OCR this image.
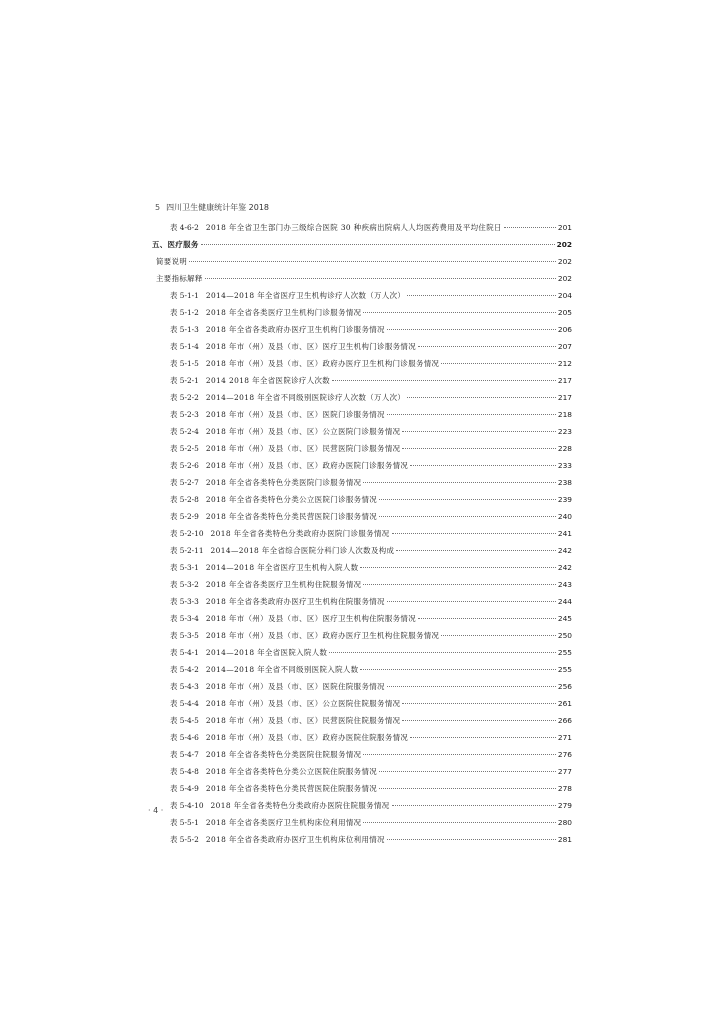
5 四川卫生健康统计年鉴 2018
表 4-6-2 2018 年全省卫生部门办三级综合医院 30 种疾病出院病人人均医药费用及平均住院日	201
五、医疗服务	202
简要说明	202
主要指标解释	202
表 5-1-1 2014—2018 年全省医疗卫生机构诊疗人次数（万人次）	204
表 5-1-2 2018 年全省各类医疗卫生机构门诊服务情况	205
表 5-1-3 2018 年全省各类政府办医疗卫生机构门诊服务情况	206
表 5-1-4 2018 年市（州）及县（市、区）医疗卫生机构门诊服务情况	207
表 5-1-5 2018 年市（州）及县（市、区）政府办医疗卫生机构门诊服务情况	212
表 5-2-1 2014 2018 年全省医院诊疗人次数	217
表 5-2-2 2014—2018 年全省不同级别医院诊疗人次数（万人次）	217
表 5-2-3 2018 年市（州）及县（市、区）医院门诊服务情况	218
表 5-2-4 2018 年市（州）及县（市、区）公立医院门诊服务情况	223
表 5-2-5 2018 年市（州）及县（市、区）民营医院门诊服务情况	228
表 5-2-6 2018 年市（州）及县（市、区）政府办医院门诊服务情况	233
表 5-2-7 2018 年全省各类特色分类医院门诊服务情况	238
表 5-2-8 2018 年全省各类特色分类公立医院门诊服务情况	239
表 5-2-9 2018 年全省各类特色分类民营医院门诊服务情况	240
表 5-2-10 2018 年全省各类特色分类政府办医院门诊服务情况	241
表 5-2-11 2014—2018 年全省综合医院分科门诊人次数及构成	242
表 5-3-1 2014—2018 年全省医疗卫生机构入院人数	242
表 5-3-2 2018 年全省各类医疗卫生机构住院服务情况	243
表 5-3-3 2018 年全省各类政府办医疗卫生机构住院服务情况	244
表 5-3-4 2018 年市（州）及县（市、区）医疗卫生机构住院服务情况	245
表 5-3-5 2018 年市（州）及县（市、区）政府办医疗卫生机构住院服务情况	250
表 5-4-1 2014—2018 年全省医院入院人数	255
表 5-4-2 2014—2018 年全省不同级别医院入院人数	255
表 5-4-3 2018 年市（州）及县（市、区）医院住院服务情况	256
表 5-4-4 2018 年市（州）及县（市、区）公立医院住院服务情况	261
表 5-4-5 2018 年市（州）及县（市、区）民营医院住院服务情况	266
表 5-4-6 2018 年市（州）及县（市、区）政府办医院住院服务情况	271
表 5-4-7 2018 年全省各类特色分类医院住院服务情况	276
表 5-4-8 2018 年全省各类特色分类公立医院住院服务情况	277
表 5-4-9 2018 年全省各类特色分类民营医院住院服务情况	278
表 5-4-10 2018 年全省各类特色分类政府办医院住院服务情况	279
表 5-5-1 2018 年全省各类医疗卫生机构床位利用情况	280
表 5-5-2 2018 年全省各类政府办医疗卫生机构床位利用情况	281
· 4 ·
